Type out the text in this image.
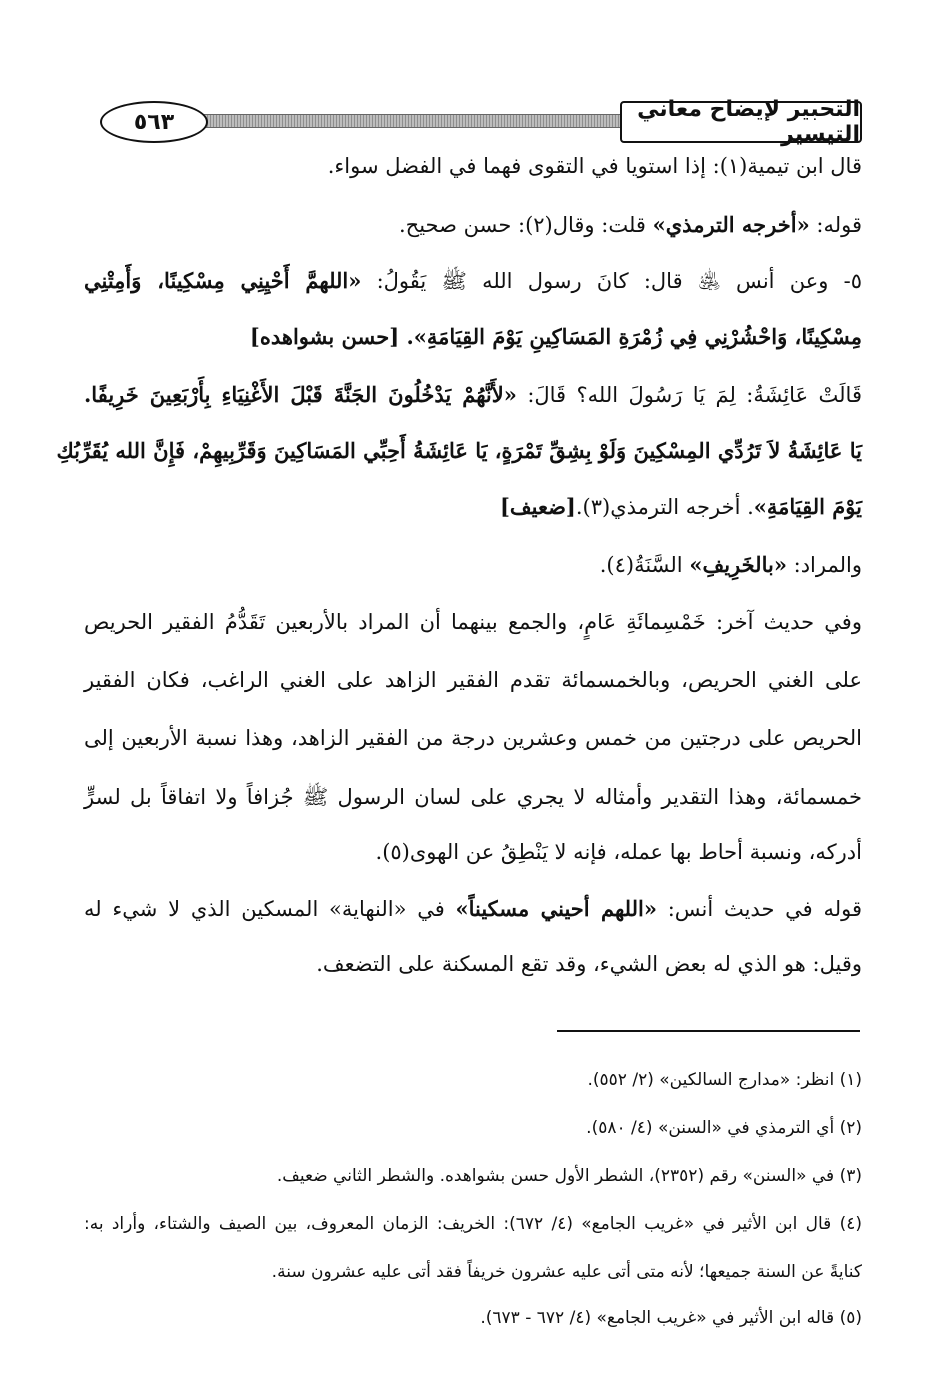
٥٦٣	التحبير لإيضاح معاني التيسير
قال ابن تيمية(١): إذا استويا في التقوى فهما في الفضل سواء.
قوله: «أخرجه الترمذي» قلت: وقال(٢): حسن صحيح.
٥- وعن أنس ﵁ قال: كانَ رسول الله ﷺ يَقُولُ: «اللهمَّ أَحْيِنِي مِسْكِينًا، وَأَمِتْنِي
مِسْكِينًا، وَاحْشُرْنِي فِي زُمْرَةِ المَسَاكِينِ يَوْمَ القِيَامَةِ». [حسن بشواهده]
قَالَتْ عَائِشَةُ: لِمَ يَا رَسُولَ الله؟ قَالَ: «لأَنَّهُمْ يَدْخُلُونَ الجَنَّةَ قَبْلَ الأَغْنِيَاءِ بِأَرْبَعِينَ خَرِيفًا.
يَا عَائِشَةُ لاَ تَرُدِّي المِسْكِينَ وَلَوْ بِشِقِّ تَمْرَةٍ، يَا عَائِشَةُ أَحِبِّي المَسَاكِينَ وَقَرِّبِيهِمْ، فَإِنَّ الله يُقَرِّبُكِ
يَوْمَ القِيَامَةِ». أخرجه الترمذي(٣).[ضعيف]
والمراد: «بالخَرِيفِ» السَّنَةُ(٤).
وفي حديث آخر: خَمْسِمائَةِ عَامٍ، والجمع بينهما أن المراد بالأربعين تَقَدُّمُ الفقير الحريص
على الغني الحريص، وبالخمسمائة تقدم الفقير الزاهد على الغني الراغب، فكان الفقير
الحريص على درجتين من خمس وعشرين درجة من الفقير الزاهد، وهذا نسبة الأربعين إلى
خمسمائة، وهذا التقدير وأمثاله لا يجري على لسان الرسول ﷺ جُزافاً ولا اتفاقاً بل لسرٍّ
أدركه، ونسبة أحاط بها عمله، فإنه لا يَنْطِقُ عن الهوى(٥).
قوله في حديث أنس: «اللهم أحيني مسكيناً» في «النهاية» المسكين الذي لا شيء له
وقيل: هو الذي له بعض الشيء، وقد تقع المسكنة على التضعف.
(١) انظر: «مدارج السالكين» (٢/ ٥٥٢).
(٢) أي الترمذي في «السنن» (٤/ ٥٨٠).
(٣) في «السنن» رقم (٢٣٥٢)، الشطر الأول حسن بشواهده. والشطر الثاني ضعيف.
(٤) قال ابن الأثير في «غريب الجامع» (٤/ ٦٧٢): الخريف: الزمان المعروف، بين الصيف والشتاء، وأراد به:
كنايةً عن السنة جميعها؛ لأنه متى أتى عليه عشرون خريفاً فقد أتى عليه عشرون سنة.
(٥) قاله ابن الأثير في «غريب الجامع» (٤/ ٦٧٢ - ٦٧٣).
